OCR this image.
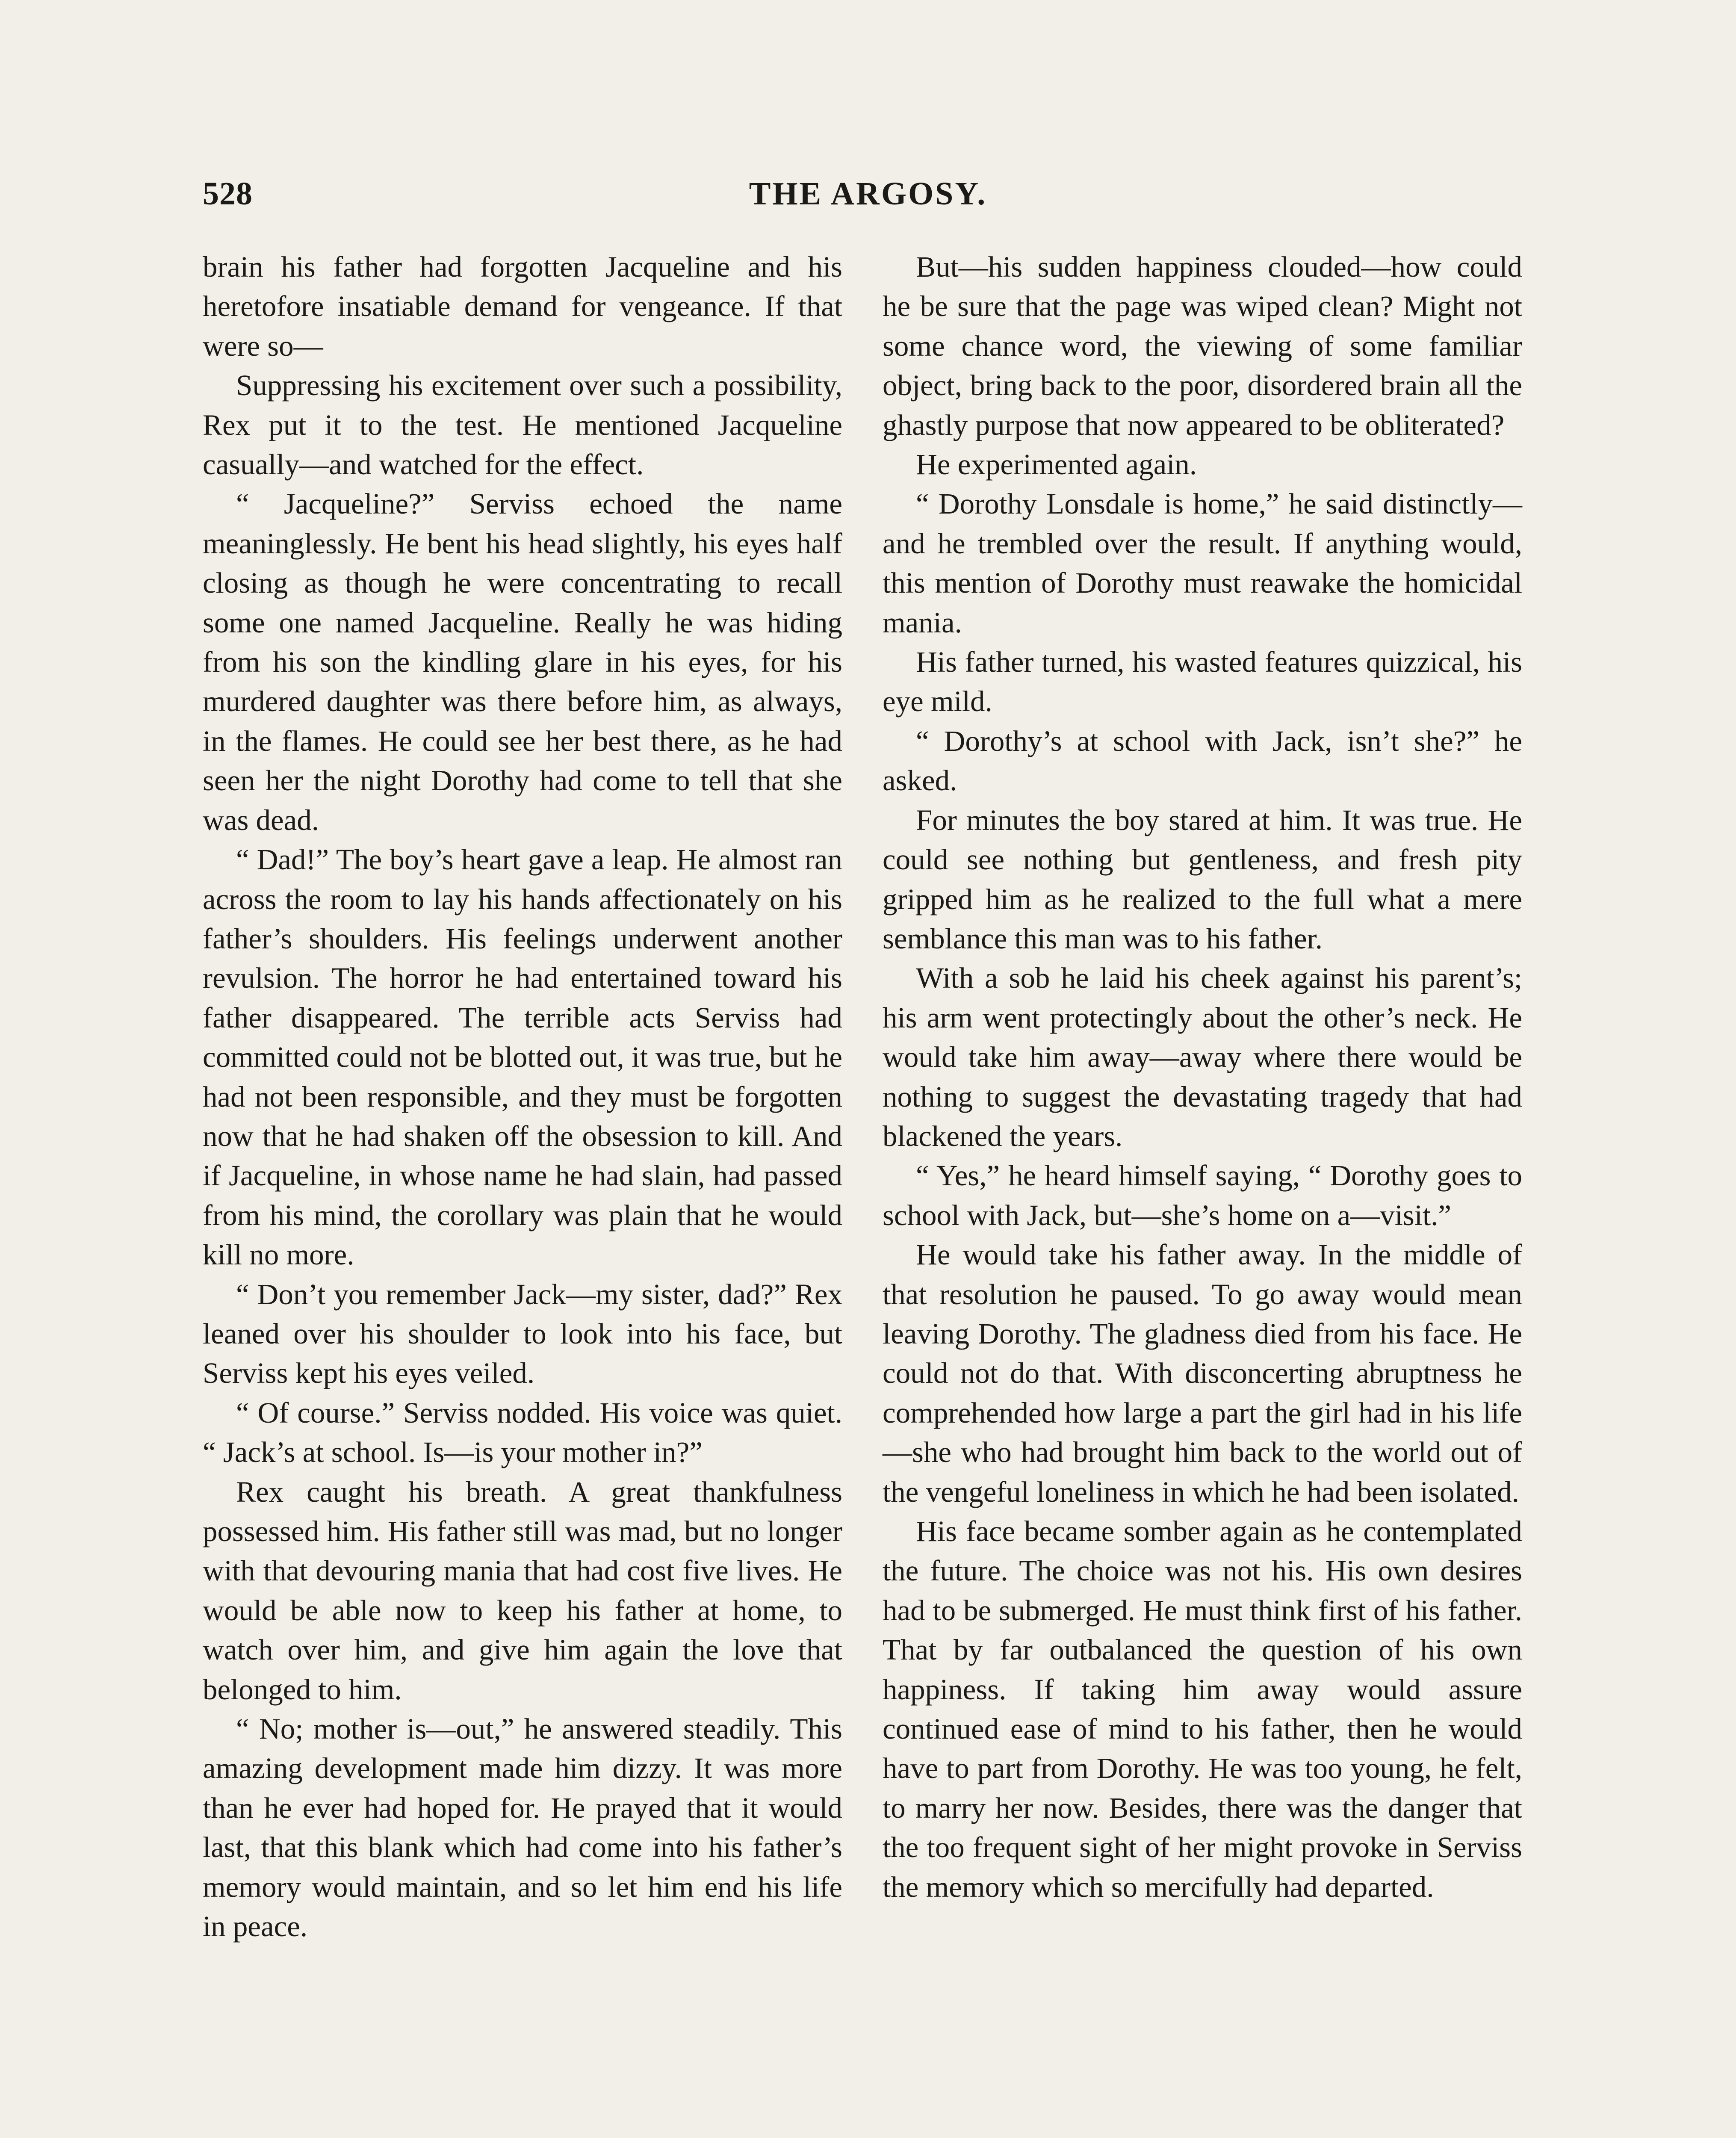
528	THE ARGOSY.

brain his father had forgotten Jacqueline and his heretofore insatiable demand for vengeance. If that were so—

Suppressing his excitement over such a possibility, Rex put it to the test. He mentioned Jacqueline casually—and watched for the effect.

“ Jacqueline?” Serviss echoed the name meaninglessly. He bent his head slightly, his eyes half closing as though he were concentrating to recall some one named Jacqueline. Really he was hiding from his son the kindling glare in his eyes, for his murdered daughter was there before him, as always, in the flames. He could see her best there, as he had seen her the night Dorothy had come to tell that she was dead.

“ Dad!” The boy’s heart gave a leap. He almost ran across the room to lay his hands affectionately on his father’s shoulders. His feelings underwent another revulsion. The horror he had entertained toward his father disappeared. The terrible acts Serviss had committed could not be blotted out, it was true, but he had not been responsible, and they must be forgotten now that he had shaken off the obsession to kill. And if Jacqueline, in whose name he had slain, had passed from his mind, the corollary was plain that he would kill no more.

“ Don’t you remember Jack—my sister, dad?” Rex leaned over his shoulder to look into his face, but Serviss kept his eyes veiled.

“ Of course.” Serviss nodded. His voice was quiet. “ Jack’s at school. Is—is your mother in?”

Rex caught his breath. A great thankfulness possessed him. His father still was mad, but no longer with that devouring mania that had cost five lives. He would be able now to keep his father at home, to watch over him, and give him again the love that belonged to him.

“ No; mother is—out,” he answered steadily. This amazing development made him dizzy. It was more than he ever had hoped for. He prayed that it would last, that this blank which had come into his father’s memory would maintain, and so let him end his life in peace.

But—his sudden happiness clouded—how could he be sure that the page was wiped clean? Might not some chance word, the viewing of some familiar object, bring back to the poor, disordered brain all the ghastly purpose that now appeared to be obliterated?

He experimented again.

“ Dorothy Lonsdale is home,” he said distinctly—and he trembled over the result. If anything would, this mention of Dorothy must reawake the homicidal mania.

His father turned, his wasted features quizzical, his eye mild.

“ Dorothy’s at school with Jack, isn’t she?” he asked.

For minutes the boy stared at him. It was true. He could see nothing but gentleness, and fresh pity gripped him as he realized to the full what a mere semblance this man was to his father.

With a sob he laid his cheek against his parent’s; his arm went protectingly about the other’s neck. He would take him away—away where there would be nothing to suggest the devastating tragedy that had blackened the years.

“ Yes,” he heard himself saying, “ Dorothy goes to school with Jack, but—she’s home on a—visit.”

He would take his father away. In the middle of that resolution he paused. To go away would mean leaving Dorothy. The gladness died from his face. He could not do that. With disconcerting abruptness he comprehended how large a part the girl had in his life—she who had brought him back to the world out of the vengeful loneliness in which he had been isolated.

His face became somber again as he contemplated the future. The choice was not his. His own desires had to be submerged. He must think first of his father. That by far outbalanced the question of his own happiness. If taking him away would assure continued ease of mind to his father, then he would have to part from Dorothy. He was too young, he felt, to marry her now. Besides, there was the danger that the too frequent sight of her might provoke in Serviss the memory which so mercifully had departed.
